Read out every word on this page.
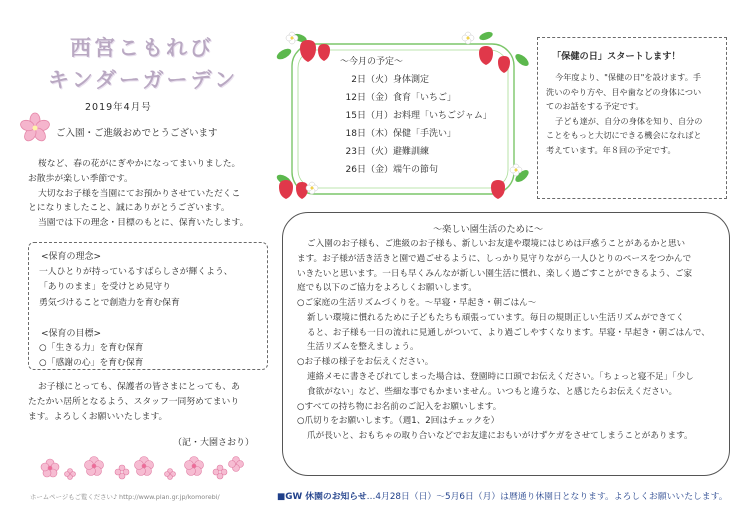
西宮こもれび
キンダーガーデン
2019年4月号
ご入園・ご進級おめでとうございます
桜など、春の花がにぎやかになってまいりました。
お散歩が楽しい季節です。
大切なお子様を当園にてお預かりさせていただくこ
とになりましたこと、誠にありがとうございます。
当園では下の理念・目標のもとに、保育いたします。
<保育の理念>
一人ひとりが持っているすばらしさが輝くよう、
「ありのまま」を受けとめ見守り
勇気づけることで創造力を育む保育
<保育の目標>
○「生きる力」を育む保育
○「感謝の心」を育む保育
お子様にとっても、保護者の皆さまにとっても、あ
たたかい居所となるよう、スタッフ一同努めてまいり
ます。よろしくお願いいたします。
（記・大園さおり）
ホームページもご覧ください♪ http://www.plan.gr.jp/komorebi/
～今月の予定～
2日（火）身体測定
12日（金）食育「いちご」
15日（月）お料理「いちごジャム」
18日（木）保健「手洗い」
23日（火）避難訓練
26日（金）端午の節句
「保健の日」スタートします！
今年度より、"保健の日"を設けます。手
洗いのやり方や、目や歯などの身体につい
てのお話をする予定です。
子ども達が、自分の身体を知り、自分の
ことをもっと大切にできる機会になればと
考えています。年８回の予定です。
～楽しい園生活のために～
ご入園のお子様も、ご進級のお子様も、新しいお友達や環境にはじめは戸惑うことがあるかと思い
ます。お子様が活き活きと園で過ごせるように、しっかり見守りながら一人ひとりのペースをつかんで
いきたいと思います。一日も早くみんなが新しい園生活に慣れ、楽しく過ごすことができるよう、ご家
庭でも以下のご協力をよろしくお願いします。
○ご家庭の生活リズムづくりを。～早寝・早起き・朝ごはん～
新しい環境に慣れるために子どもたちも頑張っています。毎日の規則正しい生活リズムができてく
ると、お子様も一日の流れに見通しがついて、より過ごしやすくなります。早寝・早起き・朝ごはんで、
生活リズムを整えましょう。
○お子様の様子をお伝えください。
連絡メモに書きそびれてしまった場合は、登園時に口頭でお伝えください。「ちょっと寝不足」「少し
食欲がない」など、些細な事でもかまいません。いつもと違うな、と感じたらお伝えください。
○すべての持ち物にお名前のご記入をお願いします。
○爪切りをお願いします。（週1、2回はチェックを）
爪が長いと、おもちゃの取り合いなどでお友達におもいがけずケガをさせてしまうことがあります。
■GW 休園のお知らせ…4月28日（日）～5月6日（月）は暦通り休園日となります。よろしくお願いいたします。
